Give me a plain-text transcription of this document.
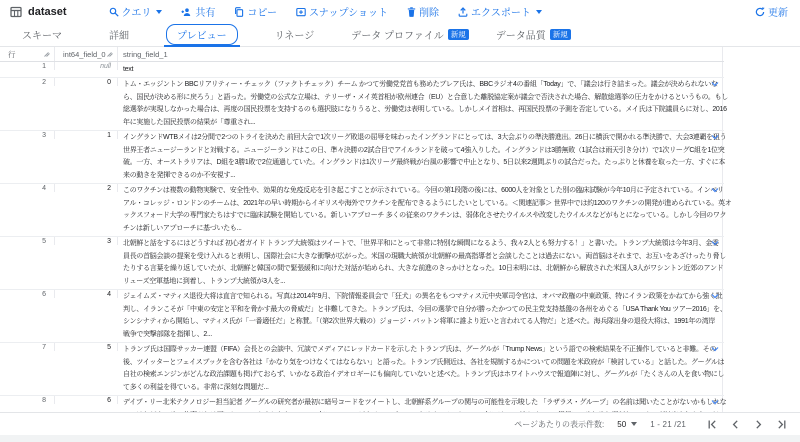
dataset	クエリ	共有	コピー	スナップショット	削除	エクスポート	更新
スキーマ	詳細	プレビュー	リネージ	データ プロファイル 新規	データ品質 新規
行	int64_field_0 string_field_1
1	null	text
2	0	トム・エッジントン BBCリアリティー・チェック（ファクトチェック）チーム かつて労働党党首も務めたブレア氏は、BBCラジオ4の番組「Today」で、「議会は行き詰まった。議会が決められないな
ら、国民が決める形に戻ろう」と語った。労働党の公式な立場は、テリーザ・メイ英首相が欧州連合（EU）と合意した離脱協定案が議会で否決された場合、解散総選挙の圧力をかけるというもの。もし
総選挙が実現しなかった場合は、再度の国民投票を支持するのも選択肢になりうると、労働党は表明している。しかしメイ首相は、再国民投票の予測を否定している。メイ氏は下院議員らに対し、2016
年に実施した国民投票の結果が「尊重され...
3	1	イングランドWTBメイは2分間で2つのトライを決めた 前回大会で1次リーグ敗退の屈辱を味わったイングランドにとっては、3大会ぶりの準決勝進出。26日に横浜で開かれる準決勝で、大会3連覇を狙う
世界王者ニュージーランドと対戦する。ニュージーランドはこの日、準々決勝の2試合目でアイルランドを破って4強入りした。イングランドは3勝無敗（1試合は雨天引き分け）で1次リーグC組を1位突
破。一方、オーストラリアは、D組を3勝1敗で2位通過していた。イングランドは1次リーグ最終戦が台風の影響で中止となり、5日以来2週間ぶりの試合だった。たっぷりと休養を取った一方、すぐに本
来の動きを発揮できるのか不安視す...
4	2	このワクチンは複数の動物実験で、安全性や、効果的な免疫反応を引き起こすことが示されている。今回の第1段階の後には、6000人を対象とした別の臨床試験が今年10月に予定されている。インペリ
アル・コレッジ・ロンドンのチームは、2021年の早い時期からイギリスや海外でワクチンを配布できるようにしたいとしている。＜関連記事＞ 世界中では約120のワクチンの開発が進められている。英オ
ックスフォード大学の専門家たちはすでに臨床試験を開始している。新しいアプローチ 多くの従来のワクチンは、弱体化させたウイルスや改変したウイルスなどがもとになっている。しかし今回のワク
チンは新しいアプローチに基づいたも...
5	3	北朝鮮と話をするにはどうすれば 初心者ガイド トランプ大統領はツイートで、「世界平和にとって非常に特別な瞬間になるよう、我々2人とも努力する！」と書いた。トランプ大統領は今年3月、金委
員長の首脳会談の提案を受け入れると表明し、国際社会に大きな衝撃が広がった。米国の現職大統領が北朝鮮の最高指導者と会談したことは過去にない。両首脳はそれまで、お互いをあざけったり脅し
たりする言葉を繰り返していたが、北朝鮮と韓国の間で緊張緩和に向けた対話が始められ、大きな前進のきっかけとなった。10日未明には、北朝鮮から解放された米国人3人がワシントン近郊のアンド
リューズ空軍基地に到着し、トランプ大統領が3人を...
6	4	ジェイムズ・マティス退役大将は直言で知られる。写真は2014年9月、下院情報委員会で「狂犬」の異名をもつマティス元中央軍司令官は、オバマ政権の中東政策、特にイラン政策をかねてから強く批
判し、イランこそが「中東の安定と平和を脅かす最大の脅威だ」と非難してきた。トランプ氏は、今回の選挙で自分が勝ったかつての民主党支持基盤の各州をめぐる「USA Thank You ツアー2016」を、
シンシナティから開始し、マティス氏が「一番適任だ」と称賛。「（第2次世界大戦の）ジョージ・パットン将軍に誰より近いと言われてる人物だ」と述べた。海兵隊出身の退役大将は、1991年の湾岸
戦争で突撃部隊を指揮し、2...
7	5	トランプ氏は国際サッカー連盟（FIFA）会長との会談中、冗談でメディアにレッドカードを示した トランプ氏は、グーグルが「Trump News」という語での検索結果を不正操作していると非難。その
後、ツイッターとフェイスブックを含む各社は「かなり気をつけなくてはならない」と語った。トランプ氏側近は、各社を規制するかについての問題を米政府が「検討している」と話した。グーグルは
自社の検索エンジンがどんな政治課題も掲げておらず、いかなる政治イデオロギーにも偏向していないと述べた。トランプ氏はホワイトハウスで報道陣に対し、グーグルが「たくさんの人を食い物にし
て多くの利益を得ている。非常に深刻な問題だ...
8	6	デイブ・リー北米テクノロジー担当記者 グーグルの研究者が最初に暗号コードをツイートし、北朝鮮系グループの関与の可能性を示唆した 「ラザラス・グループ」の名前は聞いたことがないかもしれな
ページあたりの表示件数: 50	1 - 21 /21
